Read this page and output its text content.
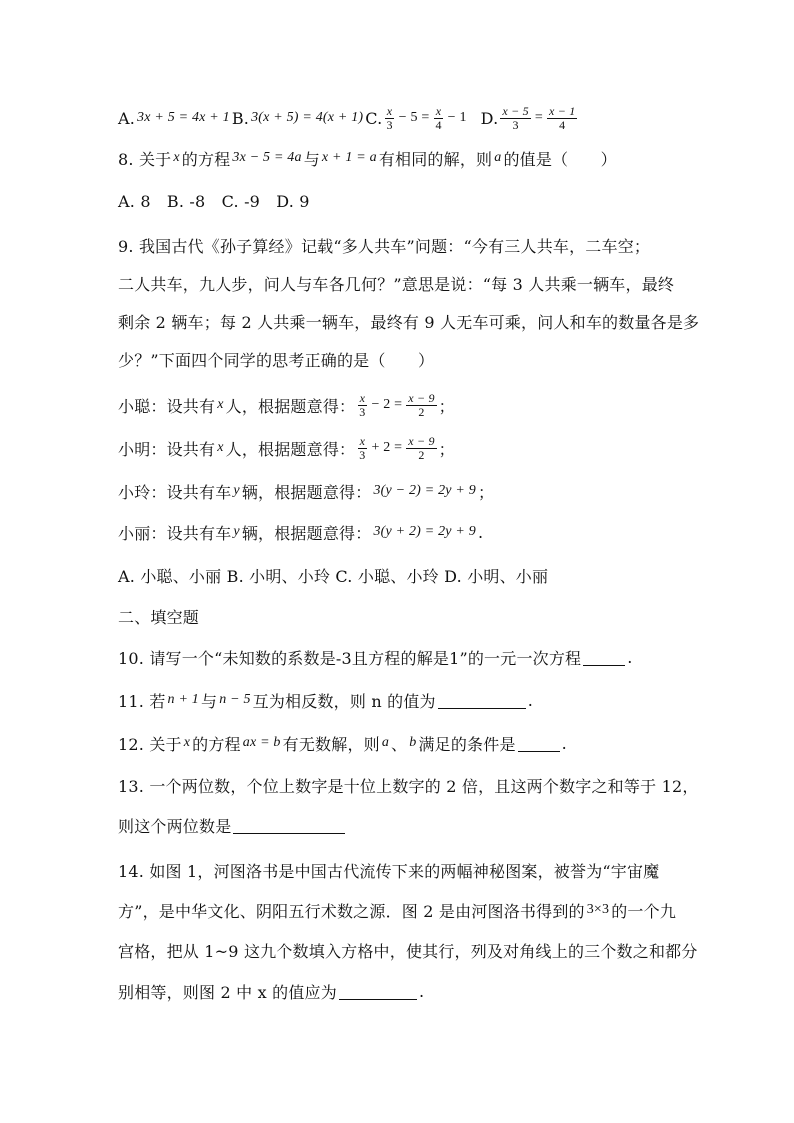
A. 3x + 5 = 4x + 1 B. 3(x + 5) = 4(x + 1) C. $\frac{x}{3} - 5 = \frac{x}{4} - 1$ D. $\frac{x - 5}{3} = \frac{x - 1}{4}$
8. 关于 x 的方程 3x − 5 = 4a 与 x + 1 = a 有相同的解，则 a 的值是（　　）
A. 8　B. -8　C. -9　D. 9
9. 我国古代《孙子算经》记载“多人共车”问题：“今有三人共车，二车空；
二人共车，九人步，问人与车各几何？”意思是说：“每 3 人共乘一辆车，最终
剩余 2 辆车；每 2 人共乘一辆车，最终有 9 人无车可乘，问人和车的数量各是多
少？”下面四个同学的思考正确的是（　　）
小聪：设共有 x 人，根据题意得： $\frac{x}{3} - 2 = \frac{x - 9}{2}$ ；
小明：设共有 x 人，根据题意得： $\frac{x}{3} + 2 = \frac{x - 9}{2}$ ；
小玲：设共有车 y 辆，根据题意得： 3(y − 2) = 2y + 9 ；
小丽：设共有车 y 辆，根据题意得： 3(y + 2) = 2y + 9 .
A. 小聪、小丽 B. 小明、小玲 C. 小聪、小玲 D. 小明、小丽
二、填空题
10. 请写一个“未知数的系数是-3且方程的解是1”的一元一次方程	.
11. 若 n + 1 与 n − 5 互为相反数，则 n 的值为	.
12. 关于 x 的方程 ax = b 有无数解，则 a 、 b 满足的条件是	.
13. 一个两位数，个位上数字是十位上数字的 2 倍，且这两个数字之和等于 12，
则这个两位数是
14. 如图 1，河图洛书是中国古代流传下来的两幅神秘图案，被誉为“宇宙魔
方”，是中华文化、阴阳五行术数之源．图 2 是由河图洛书得到的 3×3 的一个九
宫格，把从 1~9 这九个数填入方格中，使其行，列及对角线上的三个数之和都分
别相等，则图 2 中 x 的值应为	.
